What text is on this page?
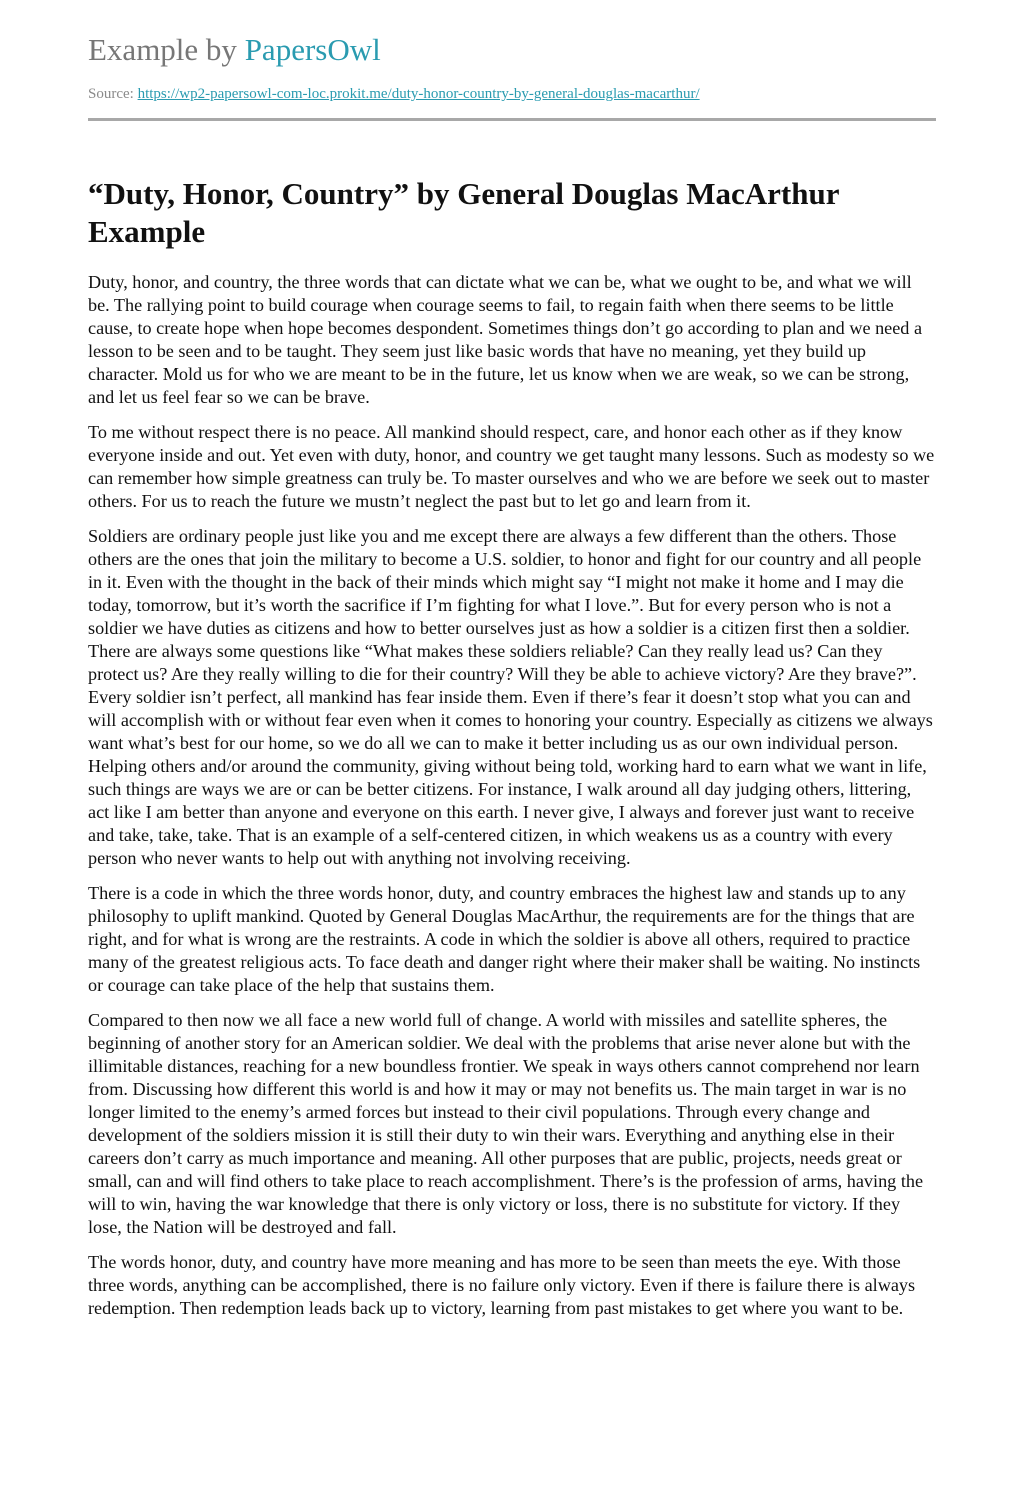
Example by PapersOwl
Source: https://wp2-papersowl-com-loc.prokit.me/duty-honor-country-by-general-douglas-macarthur/
“Duty, Honor, Country” by General Douglas MacArthur Example

Duty, honor, and country, the three words that can dictate what we can be, what we ought to be, and what we will be. The rallying point to build courage when courage seems to fail, to regain faith when there seems to be little cause, to create hope when hope becomes despondent. Sometimes things don’t go according to plan and we need a lesson to be seen and to be taught. They seem just like basic words that have no meaning, yet they build up character. Mold us for who we are meant to be in the future, let us know when we are weak, so we can be strong, and let us feel fear so we can be brave.

To me without respect there is no peace. All mankind should respect, care, and honor each other as if they know everyone inside and out. Yet even with duty, honor, and country we get taught many lessons. Such as modesty so we can remember how simple greatness can truly be. To master ourselves and who we are before we seek out to master others. For us to reach the future we mustn’t neglect the past but to let go and learn from it.

Soldiers are ordinary people just like you and me except there are always a few different than the others. Those others are the ones that join the military to become a U.S. soldier, to honor and fight for our country and all people in it. Even with the thought in the back of their minds which might say “I might not make it home and I may die today, tomorrow, but it’s worth the sacrifice if I’m fighting for what I love.”. But for every person who is not a soldier we have duties as citizens and how to better ourselves just as how a soldier is a citizen first then a soldier. There are always some questions like “What makes these soldiers reliable? Can they really lead us? Can they protect us? Are they really willing to die for their country? Will they be able to achieve victory? Are they brave?”. Every soldier isn’t perfect, all mankind has fear inside them. Even if there’s fear it doesn’t stop what you can and will accomplish with or without fear even when it comes to honoring your country. Especially as citizens we always want what’s best for our home, so we do all we can to make it better including us as our own individual person. Helping others and/or around the community, giving without being told, working hard to earn what we want in life, such things are ways we are or can be better citizens. For instance, I walk around all day judging others, littering, act like I am better than anyone and everyone on this earth. I never give, I always and forever just want to receive and take, take, take. That is an example of a self-centered citizen, in which weakens us as a country with every person who never wants to help out with anything not involving receiving.

There is a code in which the three words honor, duty, and country embraces the highest law and stands up to any philosophy to uplift mankind. Quoted by General Douglas MacArthur, the requirements are for the things that are right, and for what is wrong are the restraints. A code in which the soldier is above all others, required to practice many of the greatest religious acts. To face death and danger right where their maker shall be waiting. No instincts or courage can take place of the help that sustains them.

Compared to then now we all face a new world full of change. A world with missiles and satellite spheres, the beginning of another story for an American soldier. We deal with the problems that arise never alone but with the illimitable distances, reaching for a new boundless frontier. We speak in ways others cannot comprehend nor learn from. Discussing how different this world is and how it may or may not benefits us. The main target in war is no longer limited to the enemy’s armed forces but instead to their civil populations. Through every change and development of the soldiers mission it is still their duty to win their wars. Everything and anything else in their careers don’t carry as much importance and meaning. All other purposes that are public, projects, needs great or small, can and will find others to take place to reach accomplishment. There’s is the profession of arms, having the will to win, having the war knowledge that there is only victory or loss, there is no substitute for victory. If they lose, the Nation will be destroyed and fall.

The words honor, duty, and country have more meaning and has more to be seen than meets the eye. With those three words, anything can be accomplished, there is no failure only victory. Even if there is failure there is always redemption. Then redemption leads back up to victory, learning from past mistakes to get where you want to be.
